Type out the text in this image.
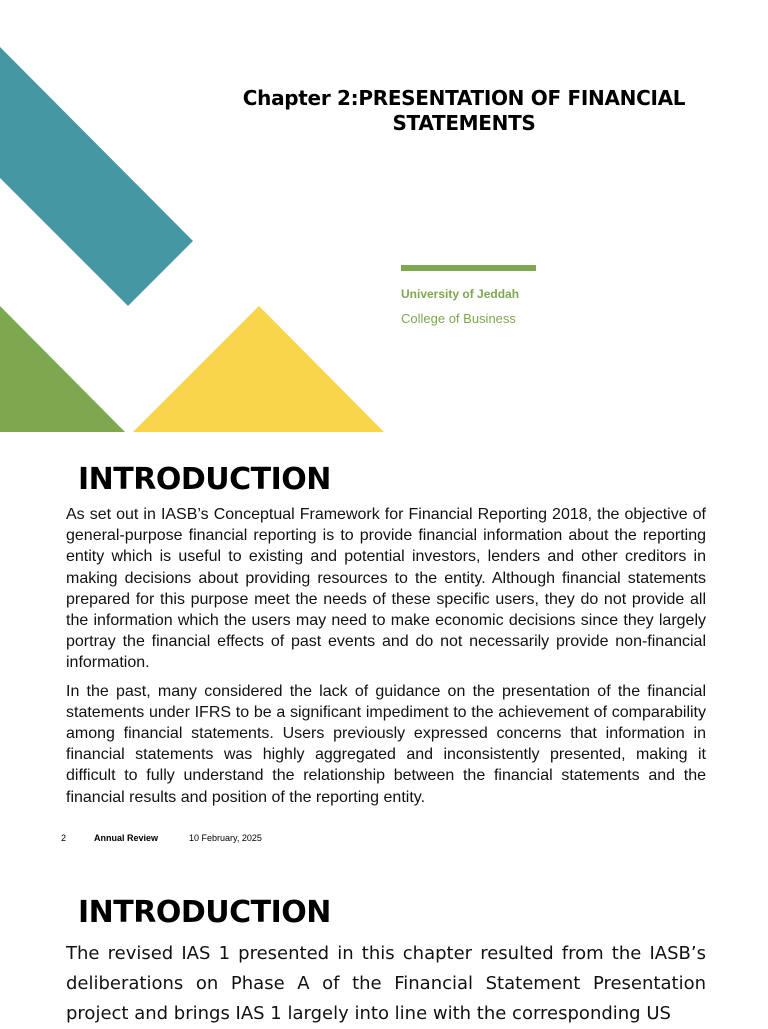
Chapter 2:PRESENTATION OF FINANCIAL
STATEMENTS
University of Jeddah
College of Business
INTRODUCTION

As set out in IASB’s Conceptual Framework for Financial Reporting 2018, the objective of general-purpose financial reporting is to provide financial information about the reporting entity which is useful to existing and potential investors, lenders and other creditors in making decisions about providing resources to the entity. Although financial statements prepared for this purpose meet the needs of these specific users, they do not provide all the information which the users may need to make economic decisions since they largely portray the financial effects of past events and do not necessarily provide non-financial information.

In the past, many considered the lack of guidance on the presentation of the financial statements under IFRS to be a significant impediment to the achievement of comparability among financial statements. Users previously expressed concerns that information in financial statements was highly aggregated and inconsistently presented, making it difficult to fully understand the relationship between the financial statements and the financial results and position of the reporting entity.

2	Annual Review	10 February, 2025
INTRODUCTION

The revised IAS 1 presented in this chapter resulted from the IASB’s deliberations on Phase A of the Financial Statement Presentation project and brings IAS 1 largely into line with the corresponding US
